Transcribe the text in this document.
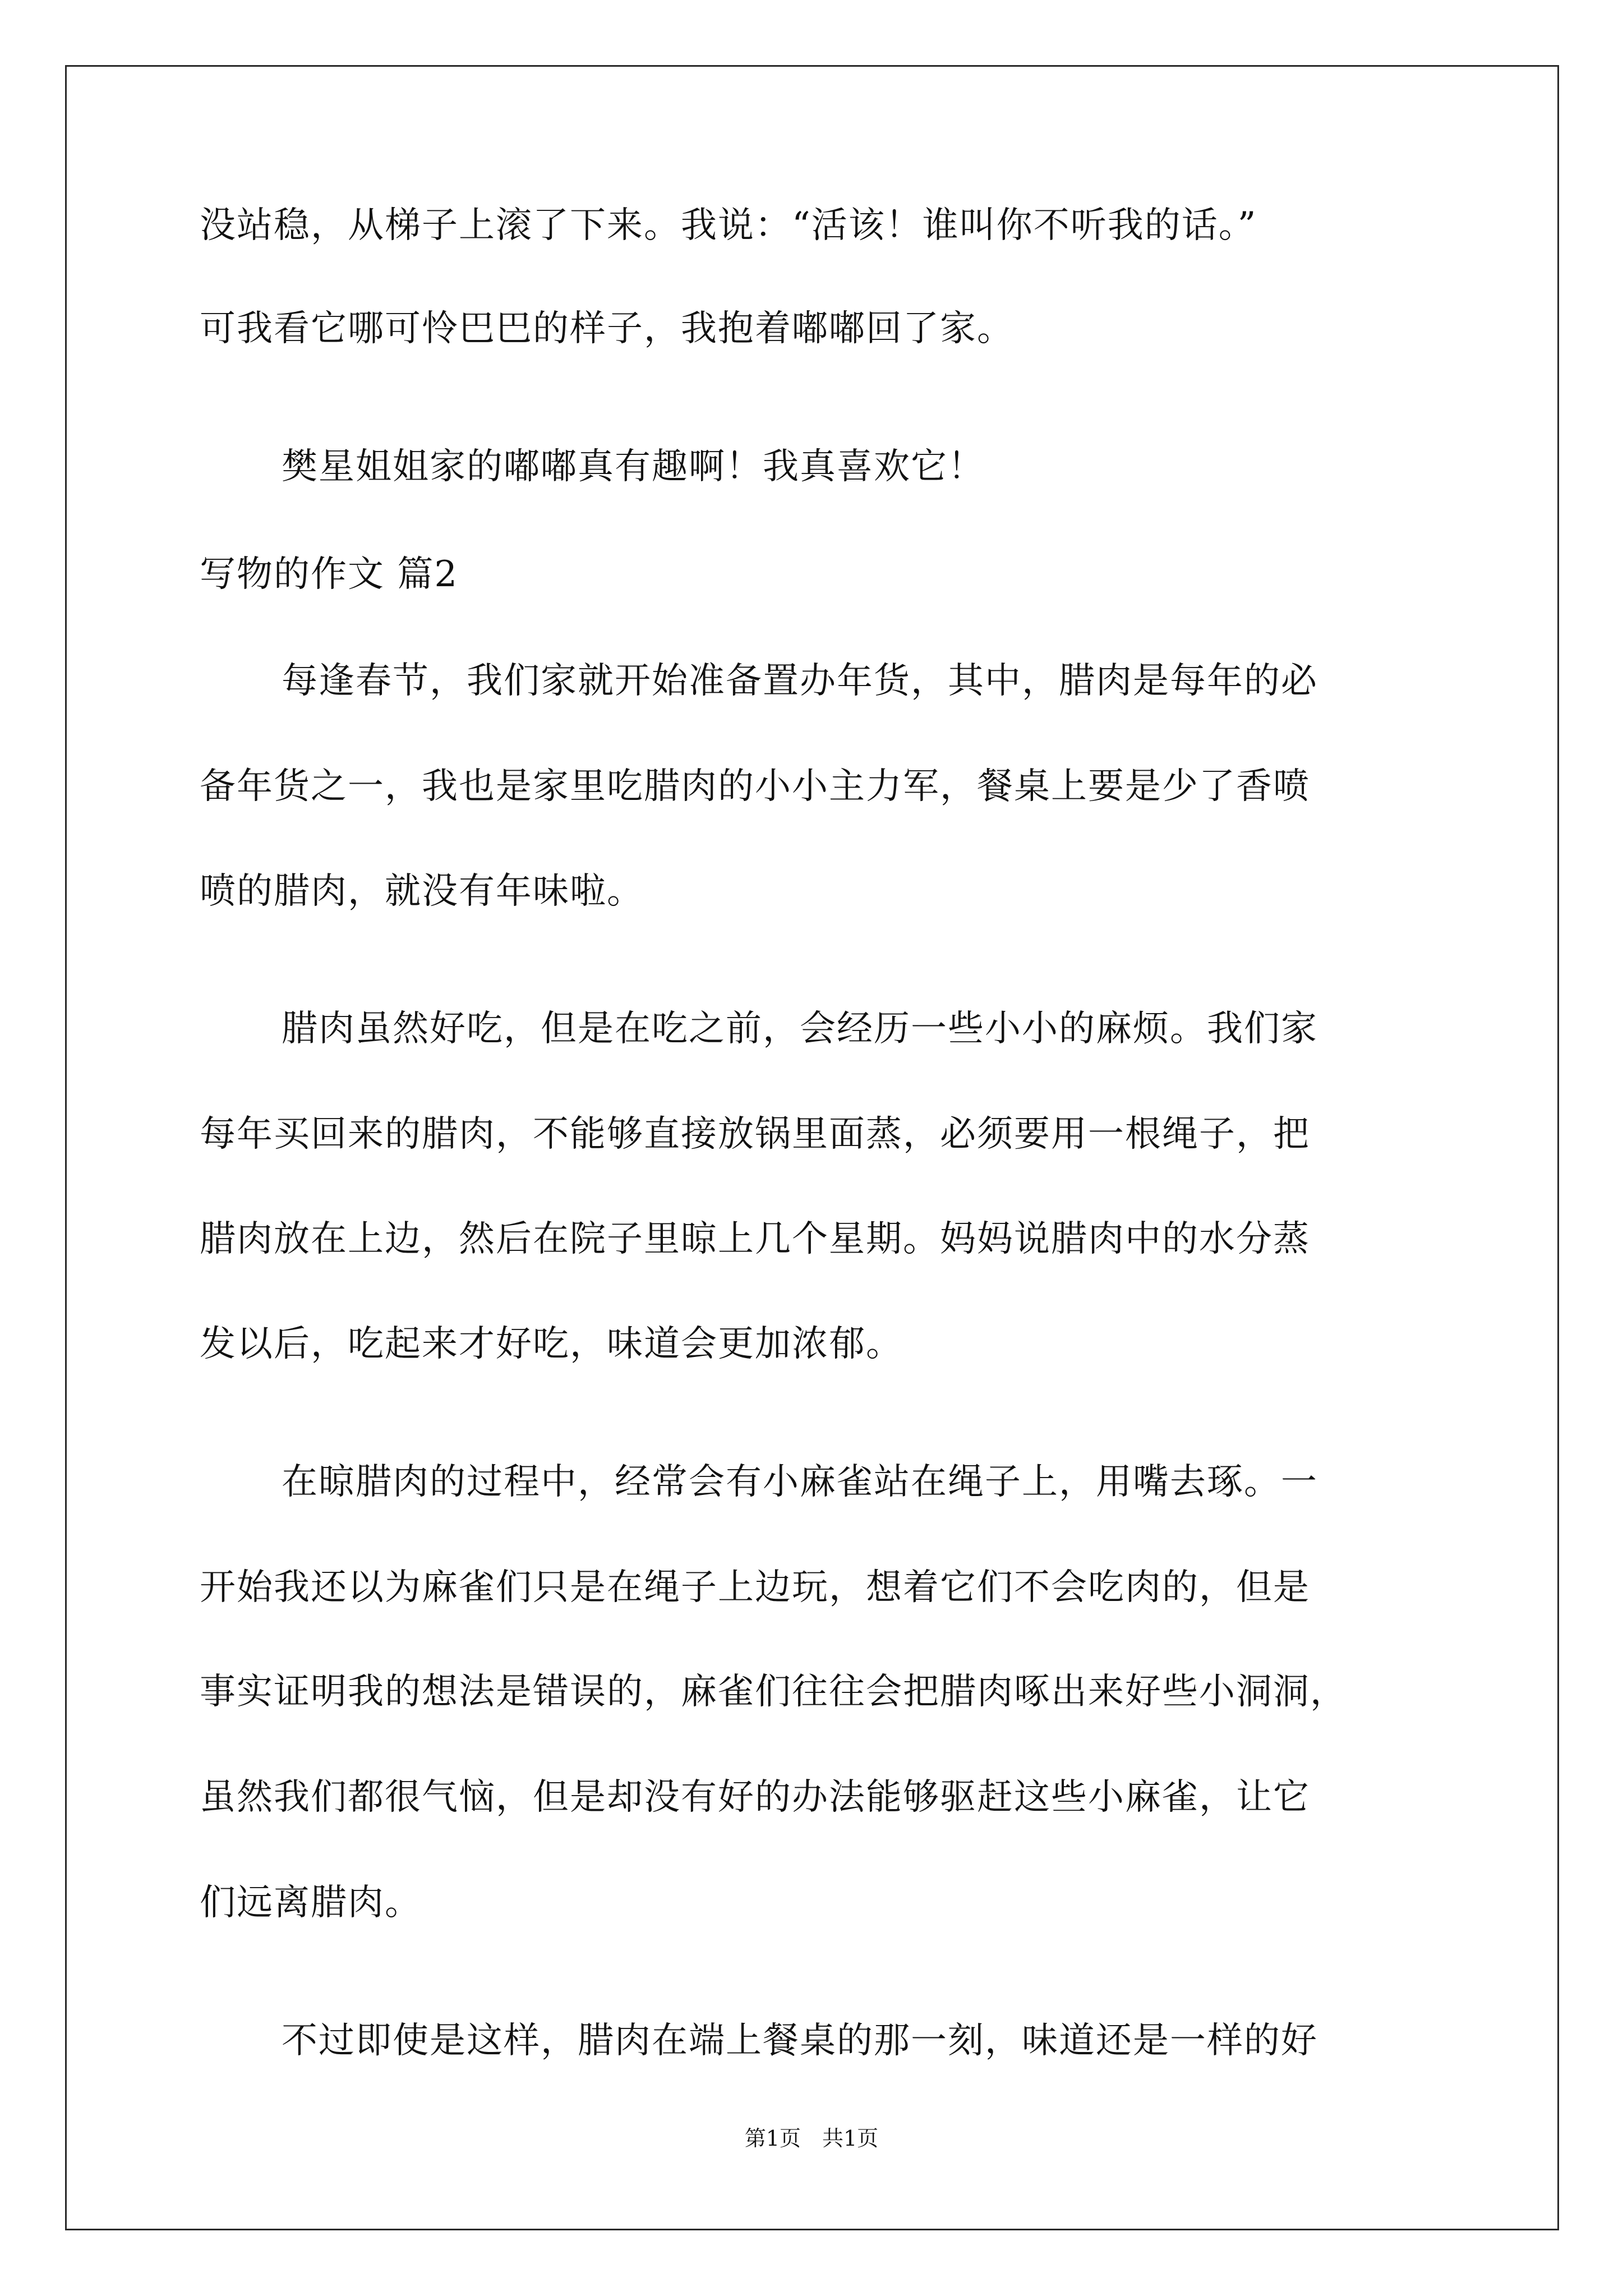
没站稳，从梯子上滚了下来。我说：“活该！谁叫你不听我的话。”
可我看它哪可怜巴巴的样子，我抱着嘟嘟回了家。
樊星姐姐家的嘟嘟真有趣啊！我真喜欢它！
写物的作文 篇2
每逢春节，我们家就开始准备置办年货，其中，腊肉是每年的必
备年货之一，我也是家里吃腊肉的小小主力军，餐桌上要是少了香喷
喷的腊肉，就没有年味啦。
腊肉虽然好吃，但是在吃之前，会经历一些小小的麻烦。我们家
每年买回来的腊肉，不能够直接放锅里面蒸，必须要用一根绳子，把
腊肉放在上边，然后在院子里晾上几个星期。妈妈说腊肉中的水分蒸
发以后，吃起来才好吃，味道会更加浓郁。
在晾腊肉的过程中，经常会有小麻雀站在绳子上，用嘴去琢。一
开始我还以为麻雀们只是在绳子上边玩，想着它们不会吃肉的，但是
事实证明我的想法是错误的，麻雀们往往会把腊肉啄出来好些小洞洞，
虽然我们都很气恼，但是却没有好的办法能够驱赶这些小麻雀，让它
们远离腊肉。
不过即使是这样，腊肉在端上餐桌的那一刻，味道还是一样的好
第1页　共1页
